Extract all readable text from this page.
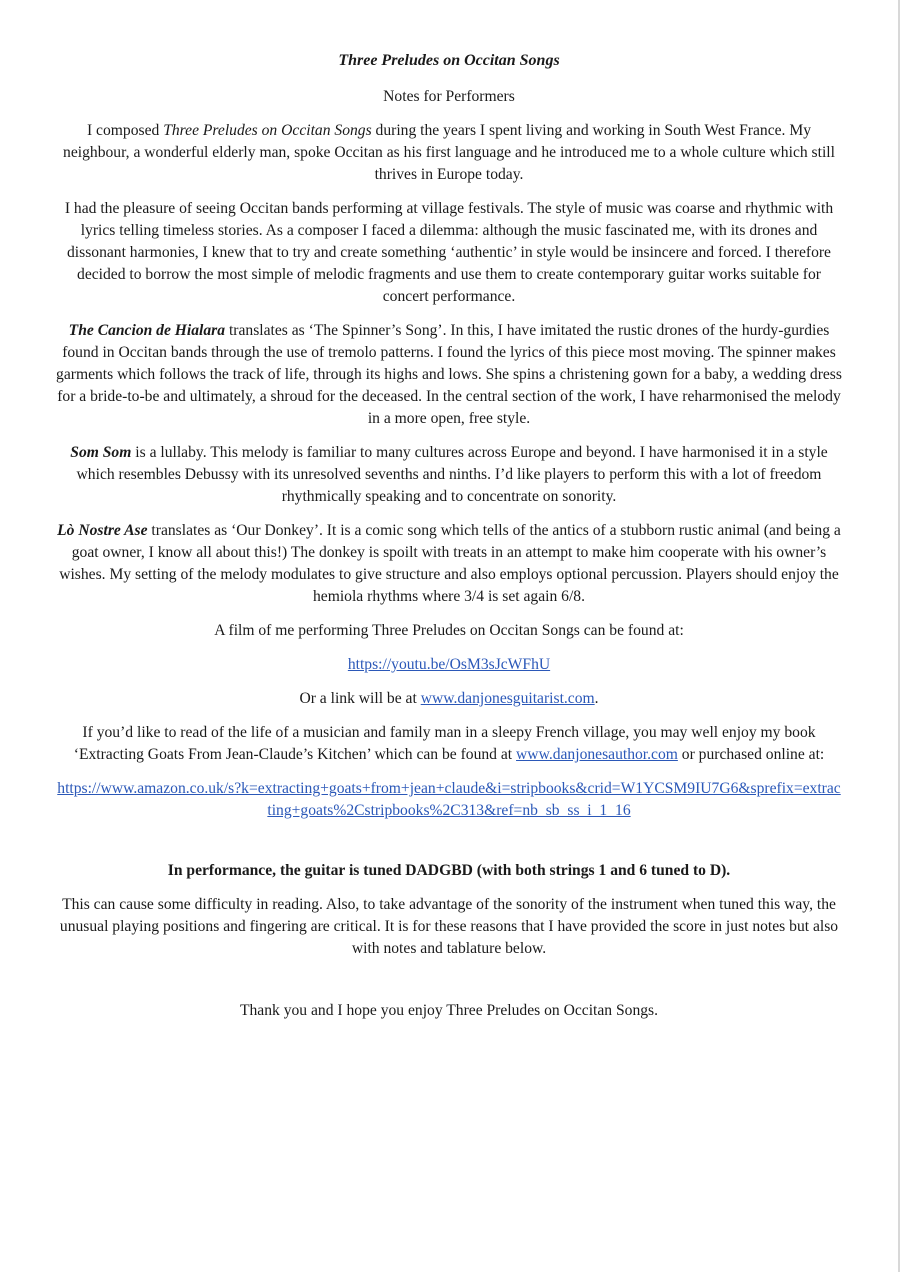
Three Preludes on Occitan Songs
Notes for Performers

I composed Three Preludes on Occitan Songs during the years I spent living and working in South West France. My neighbour, a wonderful elderly man, spoke Occitan as his first language and he introduced me to a whole culture which still thrives in Europe today.

I had the pleasure of seeing Occitan bands performing at village festivals. The style of music was coarse and rhythmic with lyrics telling timeless stories. As a composer I faced a dilemma: although the music fascinated me, with its drones and dissonant harmonies, I knew that to try and create something ‘authentic’ in style would be insincere and forced. I therefore decided to borrow the most simple of melodic fragments and use them to create contemporary guitar works suitable for concert performance.

The Cancion de Hialara translates as ‘The Spinner’s Song’. In this, I have imitated the rustic drones of the hurdy-gurdies found in Occitan bands through the use of tremolo patterns. I found the lyrics of this piece most moving. The spinner makes garments which follows the track of life, through its highs and lows. She spins a christening gown for a baby, a wedding dress for a bride-to-be and ultimately, a shroud for the deceased. In the central section of the work, I have reharmonised the melody in a more open, free style.

Som Som is a lullaby. This melody is familiar to many cultures across Europe and beyond. I have harmonised it in a style which resembles Debussy with its unresolved sevenths and ninths. I’d like players to perform this with a lot of freedom rhythmically speaking and to concentrate on sonority.

Lò Nostre Ase translates as ‘Our Donkey’. It is a comic song which tells of the antics of a stubborn rustic animal (and being a goat owner, I know all about this!) The donkey is spoilt with treats in an attempt to make him cooperate with his owner’s wishes. My setting of the melody modulates to give structure and also employs optional percussion. Players should enjoy the hemiola rhythms where 3/4 is set again 6/8.

A film of me performing Three Preludes on Occitan Songs can be found at:

https://youtu.be/OsM3sJcWFhU

Or a link will be at www.danjonesguitarist.com.

If you’d like to read of the life of a musician and family man in a sleepy French village, you may well enjoy my book ‘Extracting Goats From Jean-Claude’s Kitchen’ which can be found at www.danjonesauthor.com or purchased online at:

https://www.amazon.co.uk/s?k=extracting+goats+from+jean+claude&i=stripbooks&crid=W1YCSM9IU7G6&sprefix=extracting+goats%2Cstripbooks%2C313&ref=nb_sb_ss_i_1_16

In performance, the guitar is tuned DADGBD (with both strings 1 and 6 tuned to D).

This can cause some difficulty in reading. Also, to take advantage of the sonority of the instrument when tuned this way, the unusual playing positions and fingering are critical. It is for these reasons that I have provided the score in just notes but also with notes and tablature below.

Thank you and I hope you enjoy Three Preludes on Occitan Songs.
